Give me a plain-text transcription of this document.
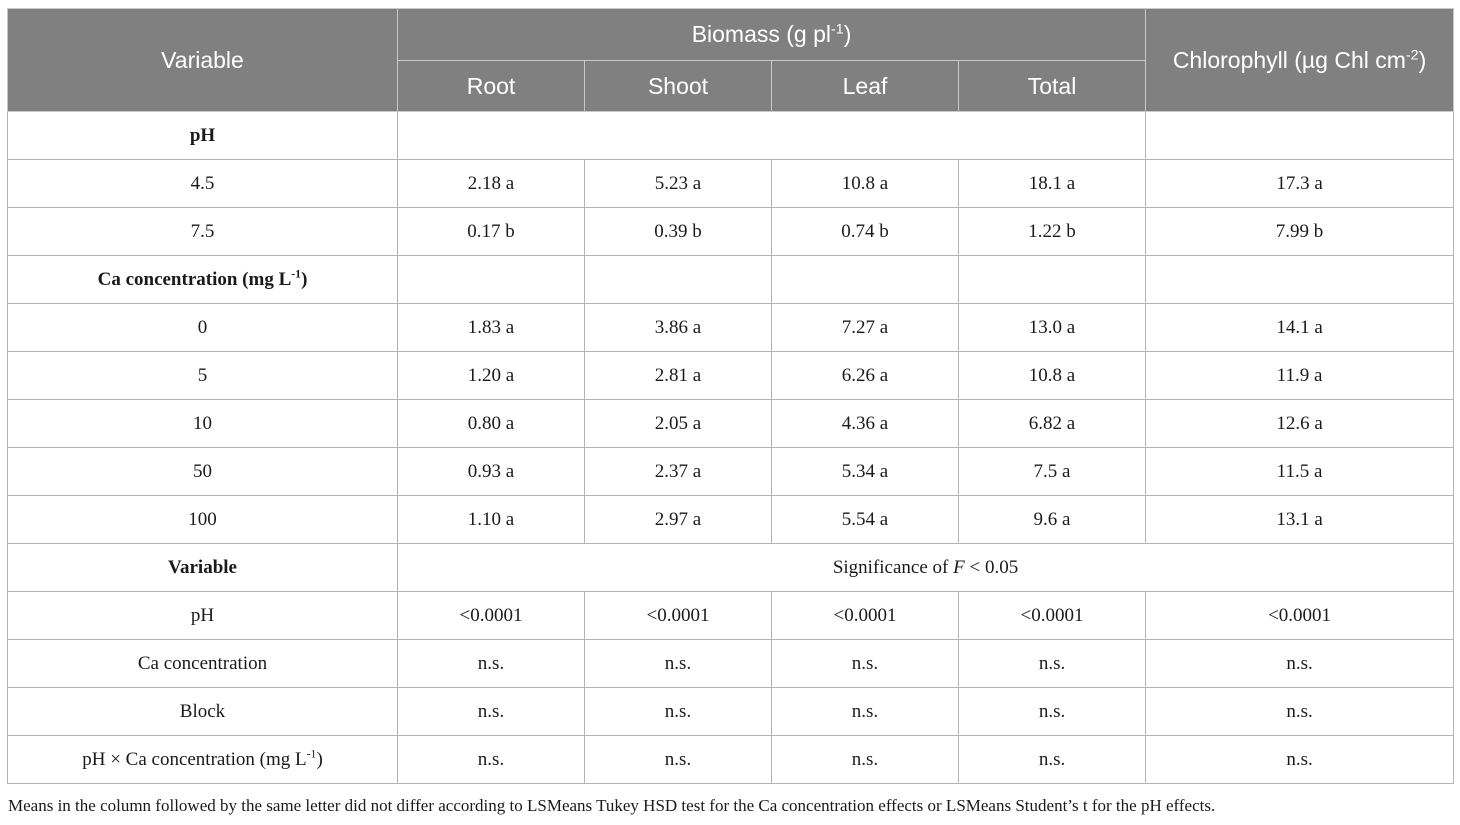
Variable	Biomass (g $pl^{-1}$)				Chlorophyll (µg Chl $cm^{-2}$)
	Root	Shoot	Leaf	Total	
pH					
4.5	2.18 a	5.23 a	10.8 a	18.1 a	17.3 a
7.5	0.17 b	0.39 b	0.74 b	1.22 b	7.99 b
Ca concentration (mg $L^{-1}$)					
0	1.83 a	3.86 a	7.27 a	13.0 a	14.1 a
5	1.20 a	2.81 a	6.26 a	10.8 a	11.9 a
10	0.80 a	2.05 a	4.36 a	6.82 a	12.6 a
50	0.93 a	2.37 a	5.34 a	7.5 a	11.5 a
100	1.10 a	2.97 a	5.54 a	9.6 a	13.1 a
Variable	Significance of F < 0.05				
pH	<0.0001	<0.0001	<0.0001	<0.0001	<0.0001
Ca concentration	n.s.	n.s.	n.s.	n.s.	n.s.
Block	n.s.	n.s.	n.s.	n.s.	n.s.
pH × Ca concentration (mg $L^{-1}$)	n.s.	n.s.	n.s.	n.s.	n.s.
Means in the column followed by the same letter did not differ according to LSMeans Tukey HSD test for the Ca concentration effects or LSMeans Student’s t for the pH effects.
